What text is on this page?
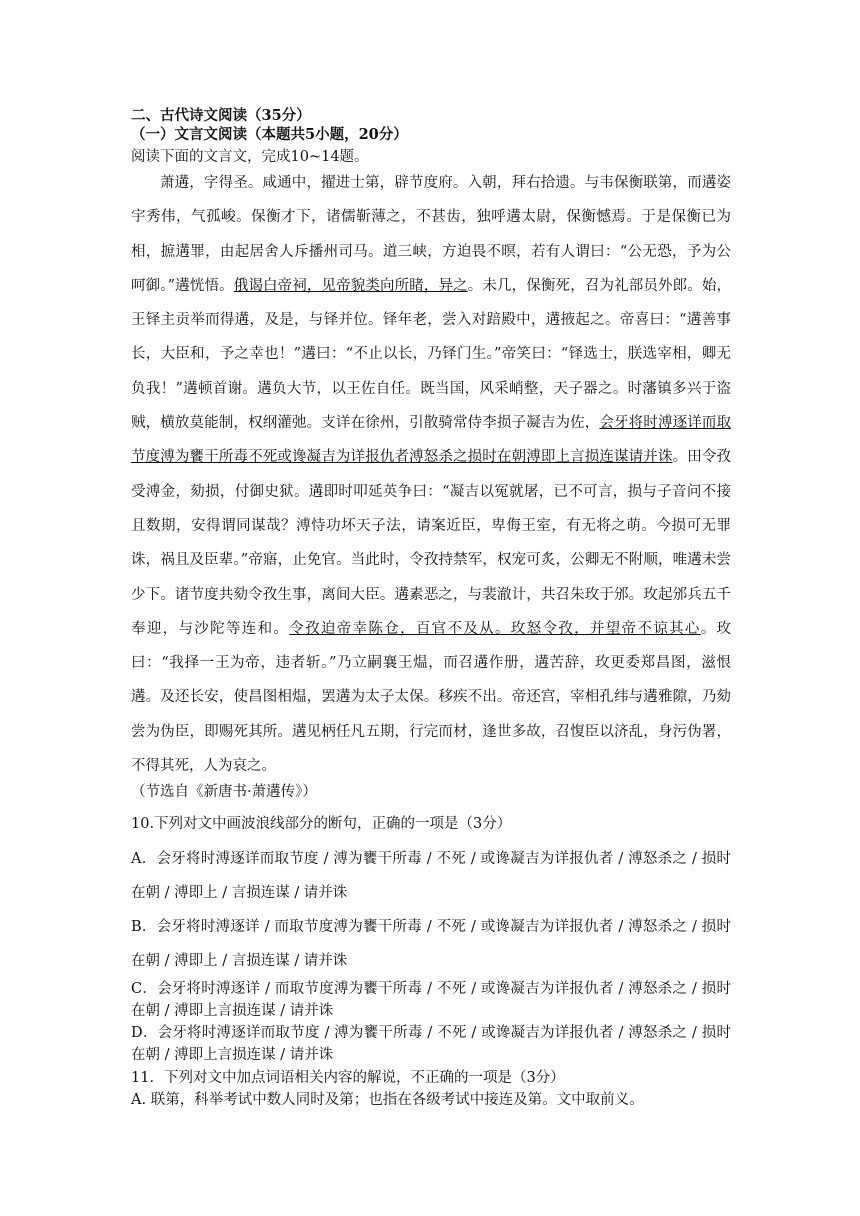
二、古代诗文阅读（35分）
（一）文言文阅读（本题共5小题，20分）
阅读下面的文言文，完成10~14题。

萧遘，字得圣。咸通中，擢进士第，辟节度府。入朝，拜右拾遗。与韦保衡联第，而遘姿宇秀伟，气孤峻。保衡才下，诸儒靳薄之，不甚齿，独呼遘太尉，保衡憾焉。于是保衡已为相，摭遘罪，由起居舍人斥播州司马。道三峡，方迫畏不暝，若有人谓曰：“公无恐，予为公呵御。”遘恍悟。俄谒白帝祠，见帝貌类向所睹，异之。未几，保衡死，召为礼部员外郎。始，王铎主贡举而得遘，及是，与铎并位。铎年老，尝入对踣殿中，遘掖起之。帝喜曰：“遘善事长，大臣和，予之幸也！”遘曰：“不止以长，乃铎门生。”帝笑曰：“铎选士，朕选宰相，卿无负我！”遘顿首谢。遘负大节，以王佐自任。既当国，风采峭整，天子器之。时藩镇多兴于盗贼，横放莫能制，权纲灌弛。支详在徐州，引散骑常侍李损子凝吉为佐，会牙将时溥逐详而取节度溥为饔干所毒不死或谗凝吉为详报仇者溥怒杀之损时在朝溥即上言损连谋请并诛。田令孜受溥金，劾损，付御史狱。遘即时叩延英争曰：“凝吉以冤就屠，已不可言，损与子音问不接且数期，安得谓同谋哉？溥恃功坏天子法，请案近臣，卑侮王室，有无将之萌。今损可无罪诛，祸且及臣辈。”帝寤，止免官。当此时，令孜持禁军，权宠可炙，公卿无不附顺，唯遘未尝少下。诸节度共劾令孜生事，离间大臣。遘素恶之，与裴澈计，共召朱玫于邠。玫起邠兵五千奉迎，与沙陀等连和。令孜迫帝幸陈仓，百官不及从。玫怒令孜，并望帝不谅其心。玫曰：“我择一王为帝，违者斩。”乃立嗣襄王煴，而召遘作册，遘苦辞，玫更委郑昌图，滋恨遘。及还长安，使昌图相煴，罢遘为太子太保。移疾不出。帝还宫，宰相孔纬与遘雅隙，乃劾尝为伪臣，即赐死其所。遘见柄任凡五期，行完而材，逢世多故，召愎臣以济乱，身污伪署，不得其死，人为哀之。

（节选自《新唐书·萧遘传》）
10.下列对文中画波浪线部分的断句，正确的一项是（3分）
A．会牙将时溥逐详而取节度 / 溥为饔干所毒 / 不死 / 或谗凝吉为详报仇者 / 溥怒杀之 / 损时在朝 / 溥即上 / 言损连谋 / 请并诛
B．会牙将时溥逐详 / 而取节度溥为饔干所毒 / 不死 / 或谗凝吉为详报仇者 / 溥怒杀之 / 损时在朝 / 溥即上 / 言损连谋 / 请并诛
C．会牙将时溥逐详 / 而取节度溥为饔干所毒 / 不死 / 或谗凝吉为详报仇者 / 溥怒杀之 / 损时在朝 / 溥即上言损连谋 / 请并诛
D．会牙将时溥逐详而取节度 / 溥为饔干所毒 / 不死 / 或谗凝吉为详报仇者 / 溥怒杀之 / 损时在朝 / 溥即上言损连谋 / 请并诛
11．下列对文中加点词语相关内容的解说，不正确的一项是（3分）
A. 联第，科举考试中数人同时及第；也指在各级考试中接连及第。文中取前义。
